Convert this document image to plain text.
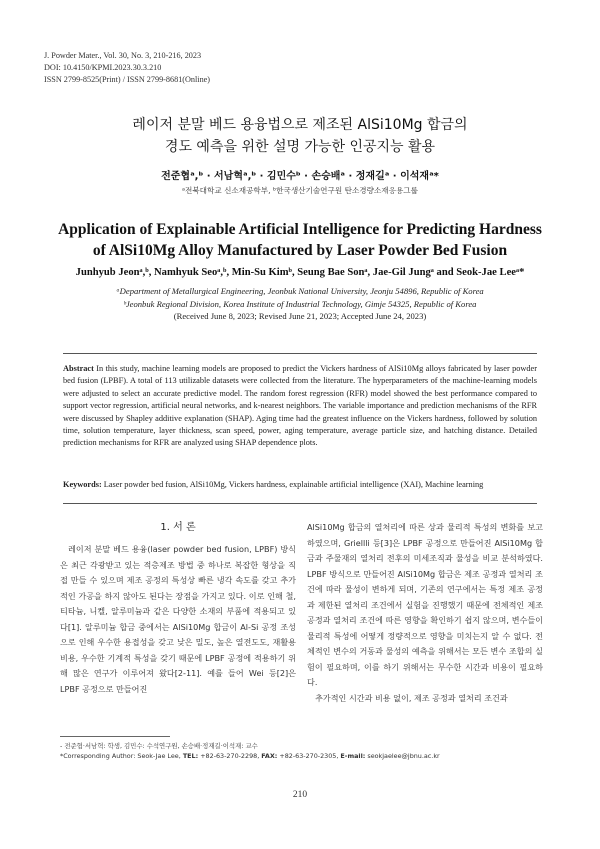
J. Powder Mater., Vol. 30, No. 3, 210-216, 2023
DOI: 10.4150/KPMI.2023.30.3.210
ISSN 2799-8525(Print) / ISSN 2799-8681(Online)
레이저 분말 베드 용융법으로 제조된 AlSi10Mg 합금의
경도 예측을 위한 설명 가능한 인공지능 활용
전준협ᵃ,ᵇ · 서남혁ᵃ,ᵇ · 김민수ᵇ · 손승배ᵃ · 정재길ᵃ · 이석재ᵃ*
ᵃ전북대학교 신소재공학부, ᵇ한국생산기술연구원 탄소경량소재응용그룹
Application of Explainable Artificial Intelligence for Predicting Hardness
of AlSi10Mg Alloy Manufactured by Laser Powder Bed Fusion
Junhyub Jeonᵃ,ᵇ, Namhyuk Seoᵃ,ᵇ, Min-Su Kimᵇ, Seung Bae Sonᵃ, Jae-Gil Jungᵃ and Seok-Jae Leeᵃ*
ᵃDepartment of Metallurgical Engineering, Jeonbuk National University, Jeonju 54896, Republic of Korea
ᵇJeonbuk Regional Division, Korea Institute of Industrial Technology, Gimje 54325, Republic of Korea
(Received June 8, 2023; Revised June 21, 2023; Accepted June 24, 2023)
Abstract In this study, machine learning models are proposed to predict the Vickers hardness of AlSi10Mg alloys fabricated by laser powder bed fusion (LPBF). A total of 113 utilizable datasets were collected from the literature. The hyperparameters of the machine-learning models were adjusted to select an accurate predictive model. The random forest regression (RFR) model showed the best performance compared to support vector regression, artificial neural networks, and k-nearest neighbors. The variable importance and prediction mechanisms of the RFR were discussed by Shapley additive explanation (SHAP). Aging time had the greatest influence on the Vickers hardness, followed by solution time, solution temperature, layer thickness, scan speed, power, aging temperature, average particle size, and hatching distance. Detailed prediction mechanisms for RFR are analyzed using SHAP dependence plots.
Keywords: Laser powder bed fusion, AlSi10Mg, Vickers hardness, explainable artificial intelligence (XAI), Machine learning
1. 서 론

레이저 분말 베드 용융(laser powder bed fusion, LPBF) 방식은 최근 각광받고 있는 적층제조 방법 중 하나로 복잡한 형상을 직접 만들 수 있으며 제조 공정의 특성상 빠른 냉각 속도를 갖고 추가적인 가공을 하지 않아도 된다는 장점을 가지고 있다. 이로 인해 철, 티타늄, 니켈, 알루미늄과 같은 다양한 소재의 부품에 적용되고 있다[1]. 알루미늄 합금 중에서는 AlSi10Mg 합금이 Al-Si 공정 조성으로 인해 우수한 용접성을 갖고 낮은 밀도, 높은 열전도도, 재활용 비용, 우수한 기계적 특성을 갖기 때문에 LPBF 공정에 적용하기 위해 많은 연구가 이루어져 왔다[2-11]. 예를 들어 Wei 등[2]은 LPBF 공정으로 만들어진

AlSi10Mg 합금의 열처리에 따른 상과 물리적 특성의 변화를 보고 하였으며, Griellli 등[3]은 LPBF 공정으로 만들어진 AlSi10Mg 합금과 주물재의 열처리 전후의 미세조직과 물성을 비교 분석하였다. LPBF 방식으로 만들어진 AlSi10Mg 합금은 제조 공정과 열처리 조건에 따라 물성이 변하게 되며, 기존의 연구에서는 특정 제조 공정과 제한된 열처리 조건에서 실험을 진행했기 때문에 전체적인 제조 공정과 열처리 조건에 따른 영향을 확인하기 쉽지 않으며, 변수들이 물리적 특성에 어떻게 정량적으로 영향을 미치는지 알 수 없다. 전체적인 변수의 거동과 물성의 예측을 위해서는 모든 변수 조합의 실험이 필요하며, 이를 하기 위해서는 무수한 시간과 비용이 필요하다.

추가적인 시간과 비용 없이, 제조 공정과 열처리 조건과

- 전준협·서남혁: 학생, 김민수: 수석연구원, 손승배·정재길·이석재: 교수
*Corresponding Author: Seok-Jae Lee, TEL: +82-63-270-2298, FAX: +82-63-270-2305, E-mail: seokjaelee@jbnu.ac.kr
210
